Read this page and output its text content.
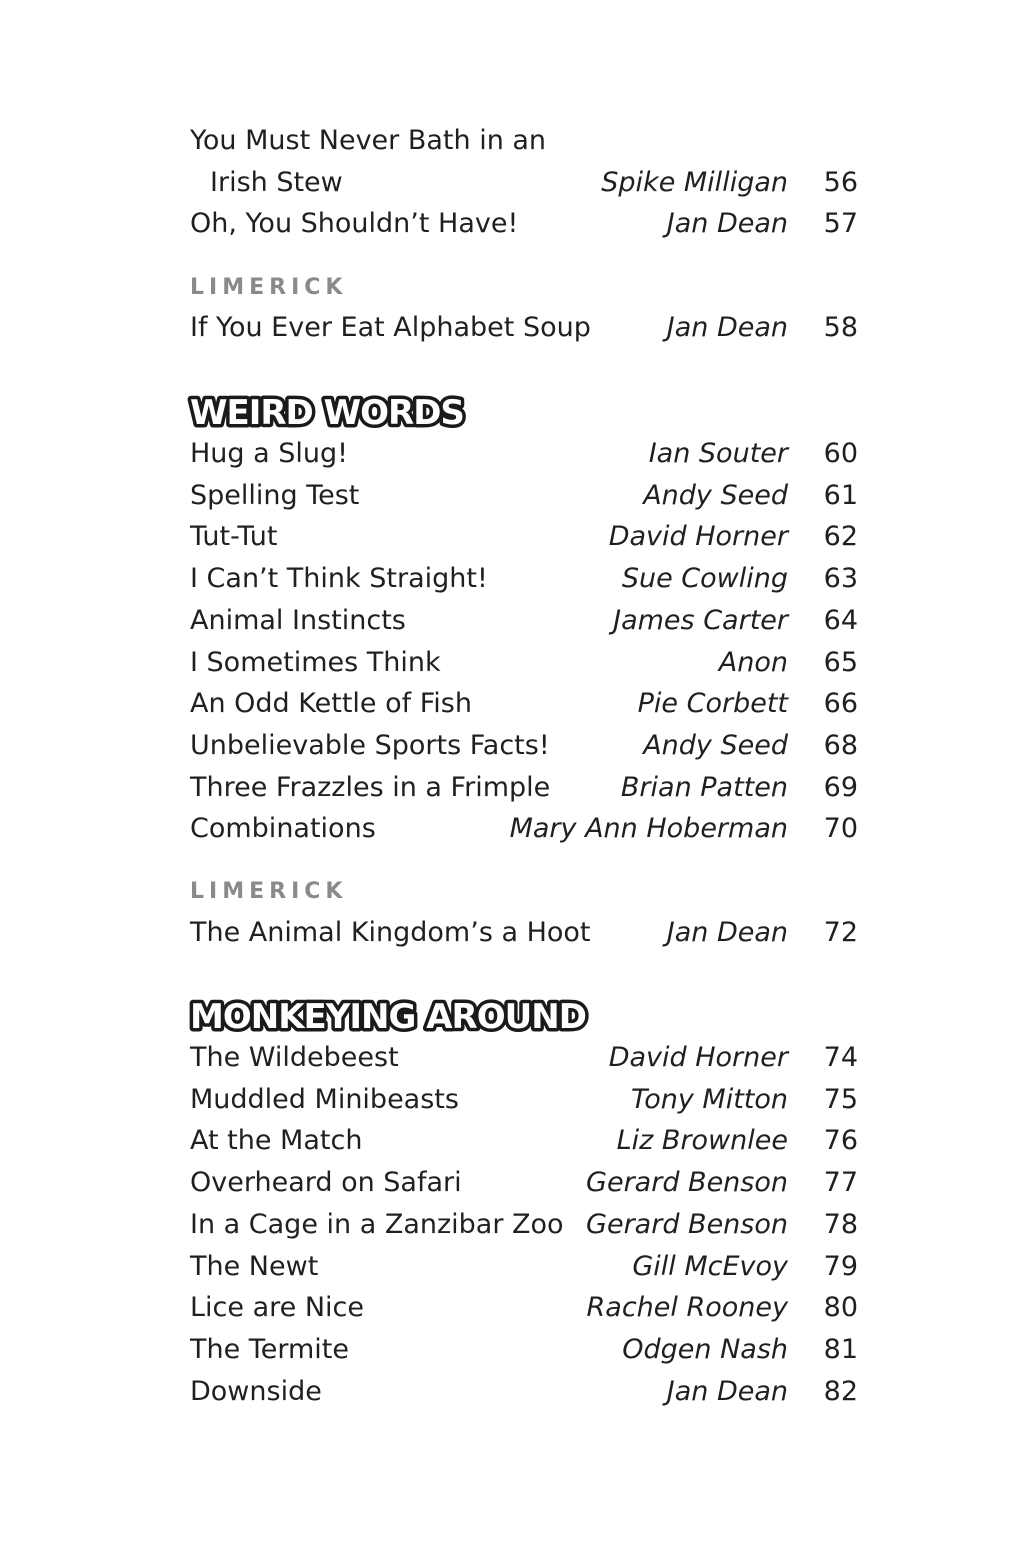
You Must Never Bath in an
Irish Stew	Spike Milligan 56
Oh, You Shouldn’t Have!	Jan Dean 57
LIMERICK
If You Ever Eat Alphabet Soup	Jan Dean 58
WEIRD WORDS
Hug a Slug!	Ian Souter 60
Spelling Test	Andy Seed 61
Tut-Tut	David Horner 62
I Can’t Think Straight!	Sue Cowling 63
Animal Instincts	James Carter 64
I Sometimes Think	Anon 65
An Odd Kettle of Fish	Pie Corbett 66
Unbelievable Sports Facts!	Andy Seed 68
Three Frazzles in a Frimple	Brian Patten 69
Combinations	Mary Ann Hoberman 70
LIMERICK
The Animal Kingdom’s a Hoot	Jan Dean 72
MONKEYING AROUND
The Wildebeest	David Horner 74
Muddled Minibeasts	Tony Mitton 75
At the Match	Liz Brownlee 76
Overheard on Safari	Gerard Benson 77
In a Cage in a Zanzibar Zoo Gerard Benson 78
The Newt	Gill McEvoy 79
Lice are Nice	Rachel Rooney 80
The Termite	Odgen Nash 81
Downside	Jan Dean 82
